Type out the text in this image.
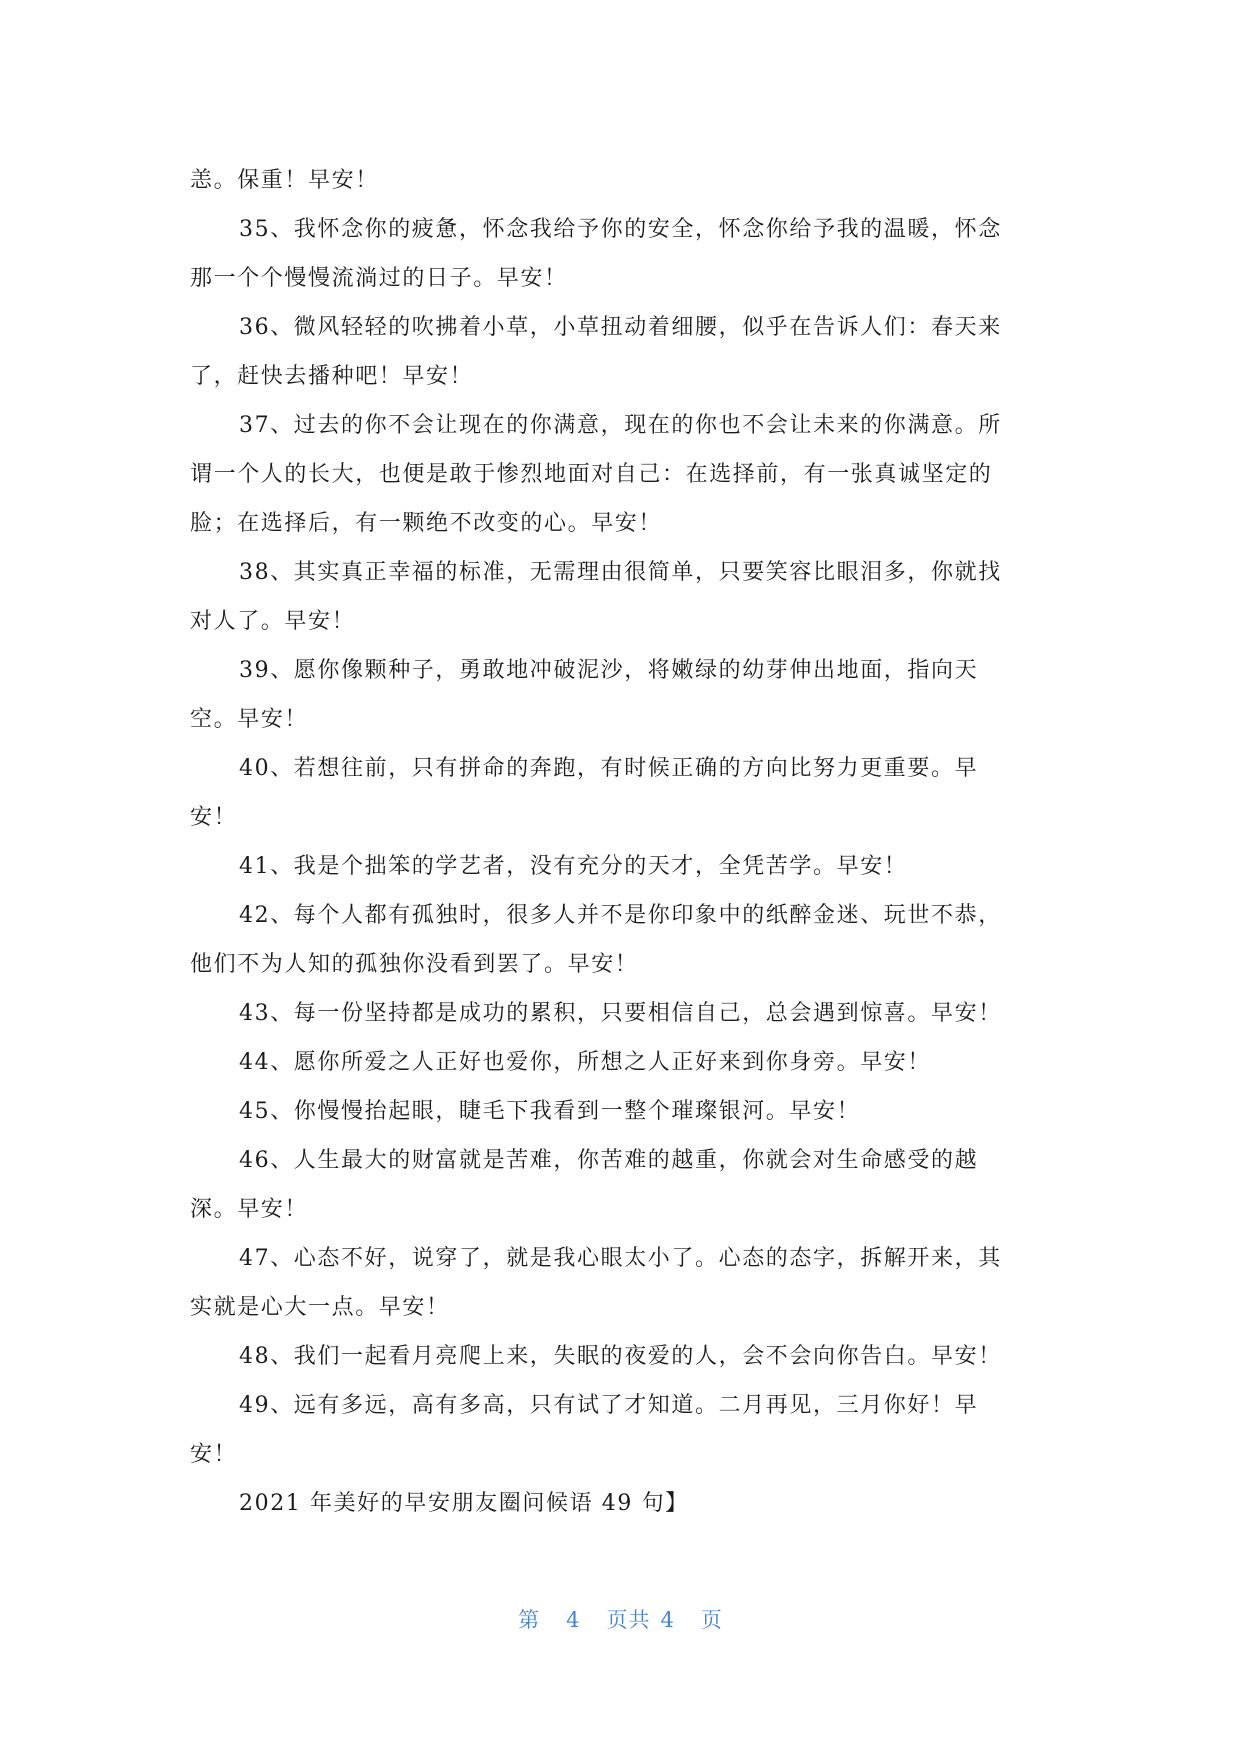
恙。保重！早安！
35、我怀念你的疲惫，怀念我给予你的安全，怀念你给予我的温暖，怀念
那一个个慢慢流淌过的日子。早安！
36、微风轻轻的吹拂着小草，小草扭动着细腰，似乎在告诉人们：春天来
了，赶快去播种吧！早安！
37、过去的你不会让现在的你满意，现在的你也不会让未来的你满意。所
谓一个人的长大，也便是敢于惨烈地面对自己：在选择前，有一张真诚坚定的
脸；在选择后，有一颗绝不改变的心。早安！
38、其实真正幸福的标准，无需理由很简单，只要笑容比眼泪多，你就找
对人了。早安！
39、愿你像颗种子，勇敢地冲破泥沙，将嫩绿的幼芽伸出地面，指向天
空。早安！
40、若想往前，只有拼命的奔跑，有时候正确的方向比努力更重要。早
安！
41、我是个拙笨的学艺者，没有充分的天才，全凭苦学。早安！
42、每个人都有孤独时，很多人并不是你印象中的纸醉金迷、玩世不恭，
他们不为人知的孤独你没看到罢了。早安！
43、每一份坚持都是成功的累积，只要相信自己，总会遇到惊喜。早安！
44、愿你所爱之人正好也爱你，所想之人正好来到你身旁。早安！
45、你慢慢抬起眼，睫毛下我看到一整个璀璨银河。早安！
46、人生最大的财富就是苦难，你苦难的越重，你就会对生命感受的越
深。早安！
47、心态不好，说穿了，就是我心眼太小了。心态的态字，拆解开来，其
实就是心大一点。早安！
48、我们一起看月亮爬上来，失眠的夜爱的人，会不会向你告白。早安！
49、远有多远，高有多高，只有试了才知道。二月再见，三月你好！早
安！
2021 年美好的早安朋友圈问候语 49 句】
第 4 页共 4 页
